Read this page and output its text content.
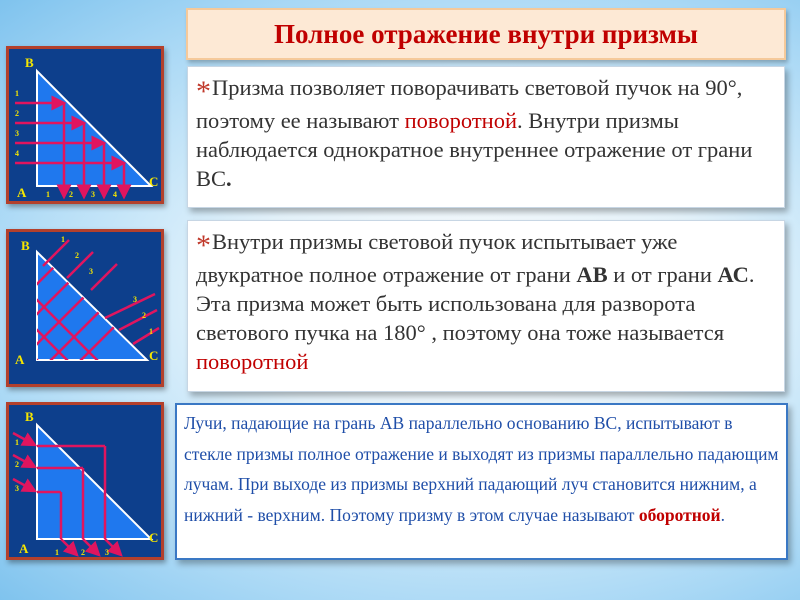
Полное отражение внутри призмы
B
A
C
1
2
3
4
1 2 3 4
B
A	C
1
2
3
3
2
1
B
A
C
1
2
3
1	2	3
*Призма позволяет поворачивать световой пучок на 90°, поэтому ее называют поворотной. Внутри призмы наблюдается однократное внутреннее отражение от грани ВС.
*Внутри призмы световой пучок испытывает уже двукратное полное отражение от грани АВ и от грани АС. Эта призма может быть использована для разворота светового пучка на 180° , поэтому она тоже называется поворотной
Лучи, падающие на грань АВ параллельно основанию ВС, испытывают в стекле призмы полное отражение и выходят из призмы параллельно падающим лучам. При выходе из призмы верхний падающий луч становится нижним, а нижний - верхним. Поэтому призму в этом случае называют оборотной.
